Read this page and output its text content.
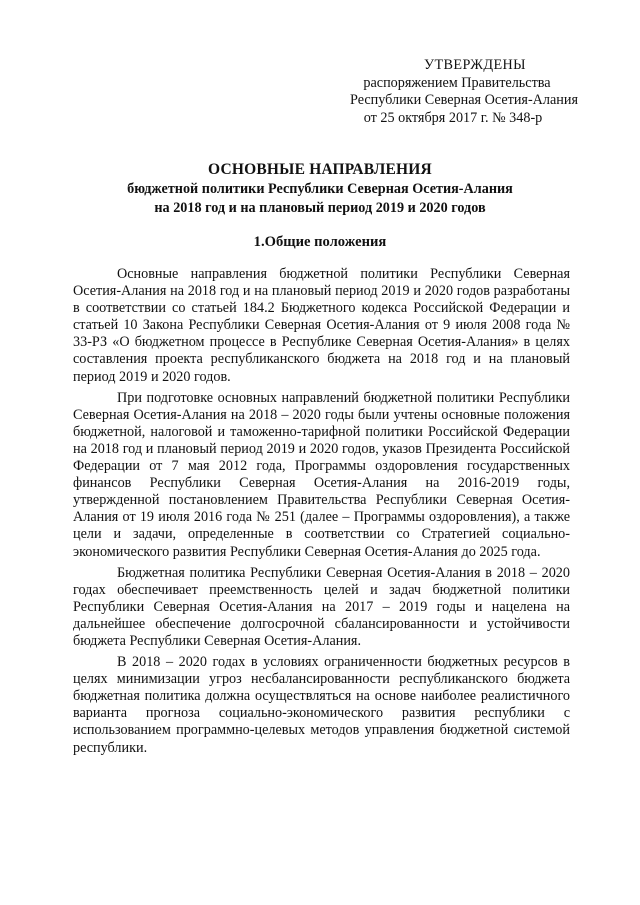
УТВЕРЖДЕНЫ
распоряжением Правительства
Республики Северная Осетия-Алания
от 25 октября 2017 г. № 348-р
ОСНОВНЫЕ НАПРАВЛЕНИЯ
бюджетной политики Республики Северная Осетия-Алания
на 2018 год и на плановый период 2019 и 2020 годов
1.Общие положения

Основные направления бюджетной политики Республики Северная Осетия-Алания на 2018 год и на плановый период 2019 и 2020 годов разработаны в соответствии со статьей 184.2 Бюджетного кодекса Российской Федерации и статьей 10 Закона Республики Северная Осетия-Алания от 9 июля 2008 года № 33-РЗ «О бюджетном процессе в Республике Северная Осетия-Алания» в целях составления проекта республиканского бюджета на 2018 год и на плановый период 2019 и 2020 годов.

При подготовке основных направлений бюджетной политики Республики Северная Осетия-Алания на 2018 – 2020 годы были учтены основные положения бюджетной, налоговой и таможенно-тарифной политики Российской Федерации на 2018 год и плановый период 2019 и 2020 годов, указов Президента Российской Федерации от 7 мая 2012 года, Программы оздоровления государственных финансов Республики Северная Осетия-Алания на 2016-2019 годы, утвержденной постановлением Правительства Республики Северная Осетия-Алания от 19 июля 2016 года № 251 (далее – Программы оздоровления), а также цели и задачи, определенные в соответствии со Стратегией социально-экономического развития Республики Северная Осетия-Алания до 2025 года.

Бюджетная политика Республики Северная Осетия-Алания в 2018 – 2020 годах обеспечивает преемственность целей и задач бюджетной политики Республики Северная Осетия-Алания на 2017 – 2019 годы и нацелена на дальнейшее обеспечение долгосрочной сбалансированности и устойчивости бюджета Республики Северная Осетия-Алания.

В 2018 – 2020 годах в условиях ограниченности бюджетных ресурсов в целях минимизации угроз несбалансированности республиканского бюджета бюджетная политика должна осуществляться на основе наиболее реалистичного варианта прогноза социально-экономического развития республики с использованием программно-целевых методов управления бюджетной системой республики.
